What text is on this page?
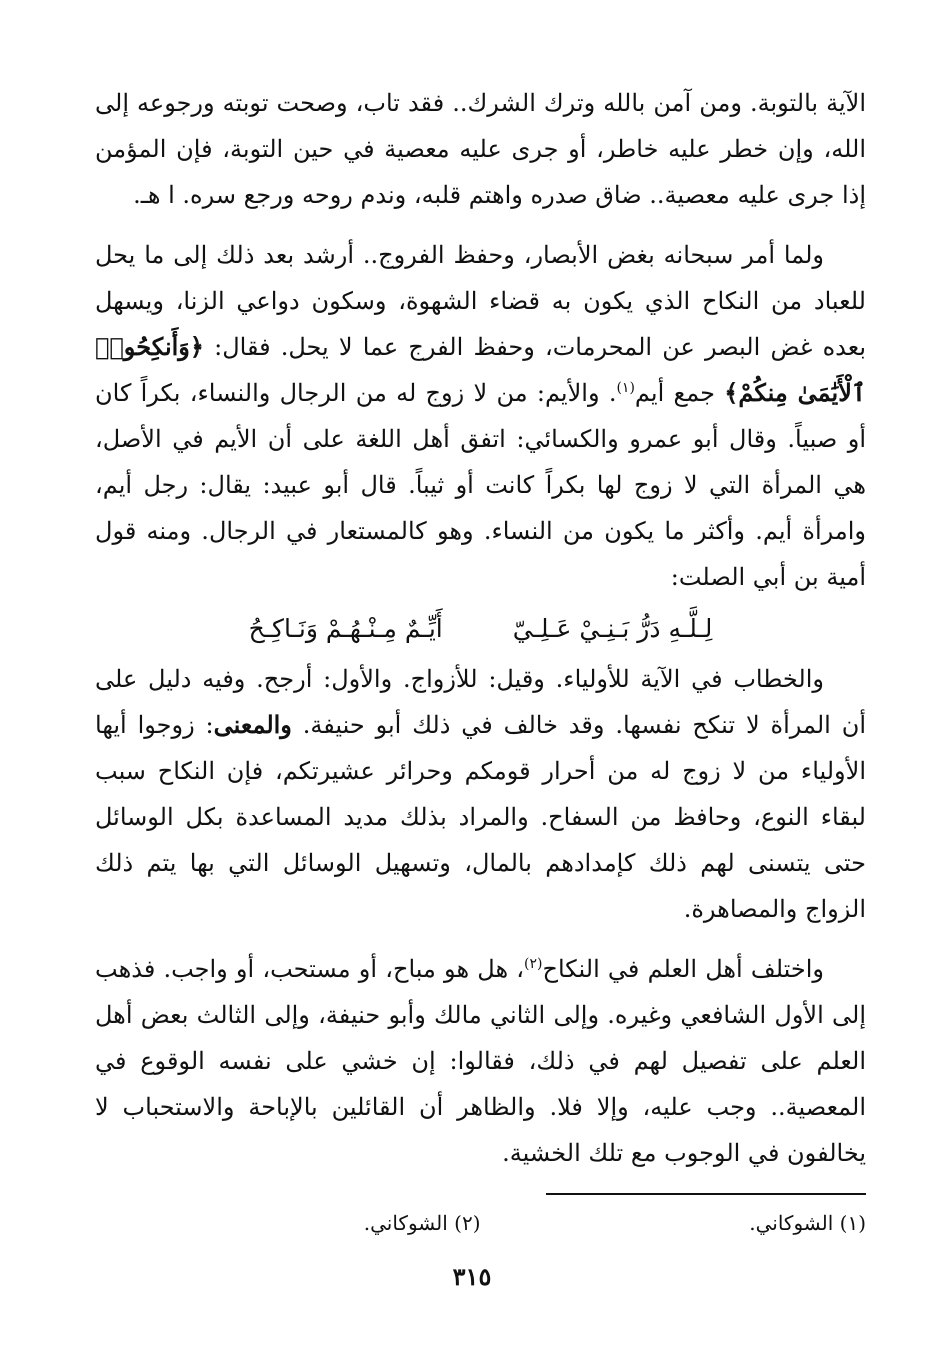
الآية بالتوبة. ومن آمن بالله وترك الشرك.. فقد تاب، وصحت توبته ورجوعه إلى الله، وإن خطر عليه خاطر، أو جرى عليه معصية في حين التوبة، فإن المؤمن إذا جرى عليه معصية.. ضاق صدره واهتم قلبه، وندم روحه ورجع سره. ا هـ.

ولما أمر سبحانه بغض الأبصار، وحفظ الفروج.. أرشد بعد ذلك إلى ما يحل للعباد من النكاح الذي يكون به قضاء الشهوة، وسكون دواعي الزنا، ويسهل بعده غض البصر عن المحرمات، وحفظ الفرج عما لا يحل. فقال: ﴿وَأَنكِحُوا۟ ٱلْأَيَٰمَىٰ مِنكُمْ﴾ جمع أيم$^{(١)}$. والأيم: من لا زوج له من الرجال والنساء، بكراً كان أو صبياً. وقال أبو عمرو والكسائي: اتفق أهل اللغة على أن الأيم في الأصل، هي المرأة التي لا زوج لها بكراً كانت أو ثيباً. قال أبو عبيد: يقال: رجل أيم، وامرأة أيم. وأكثر ما يكون من النساء. وهو كالمستعار في الرجال. ومنه قول أمية بن أبي الصلت:

لِـلَّـهِ دَرُّ بَـنِـيْ عَـلِـيّ
أَيِّـمٌ مِـنْـهُـمْ وَنَـاكِـحُ

والخطاب في الآية للأولياء. وقيل: للأزواج. والأول: أرجح. وفيه دليل على أن المرأة لا تنكح نفسها. وقد خالف في ذلك أبو حنيفة. والمعنى: زوجوا أيها الأولياء من لا زوج له من أحرار قومكم وحرائر عشيرتكم، فإن النكاح سبب لبقاء النوع، وحافظ من السفاح. والمراد بذلك مديد المساعدة بكل الوسائل حتى يتسنى لهم ذلك كإمدادهم بالمال، وتسهيل الوسائل التي بها يتم ذلك الزواج والمصاهرة.

واختلف أهل العلم في النكاح$^{(٢)}$، هل هو مباح، أو مستحب، أو واجب. فذهب إلى الأول الشافعي وغيره. وإلى الثاني مالك وأبو حنيفة، وإلى الثالث بعض أهل العلم على تفصيل لهم في ذلك، فقالوا: إن خشي على نفسه الوقوع في المعصية.. وجب عليه، وإلا فلا. والظاهر أن القائلين بالإباحة والاستحباب لا يخالفون في الوجوب مع تلك الخشية.

(١) الشوكاني.
(٢) الشوكاني.
٣١٥
